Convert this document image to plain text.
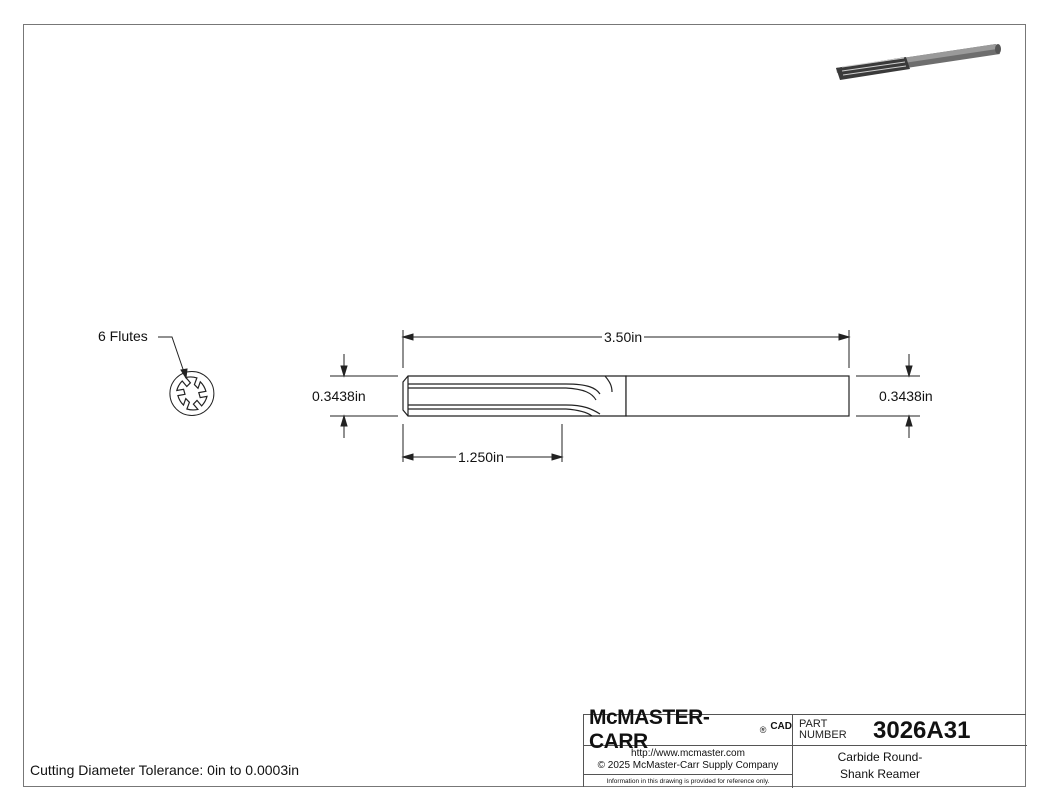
6 Flutes	3.50in
1.250in
0.3438in	0.3438in
Cutting Diameter Tolerance: 0in to 0.0003in
McMASTER-CARR	® CAD PART
NUMBER	3026A31
http://www.mcmaster.com
© 2025 McMaster-Carr Supply Company
Information in this drawing is provided for reference only.
Carbide Round-
Shank Reamer
